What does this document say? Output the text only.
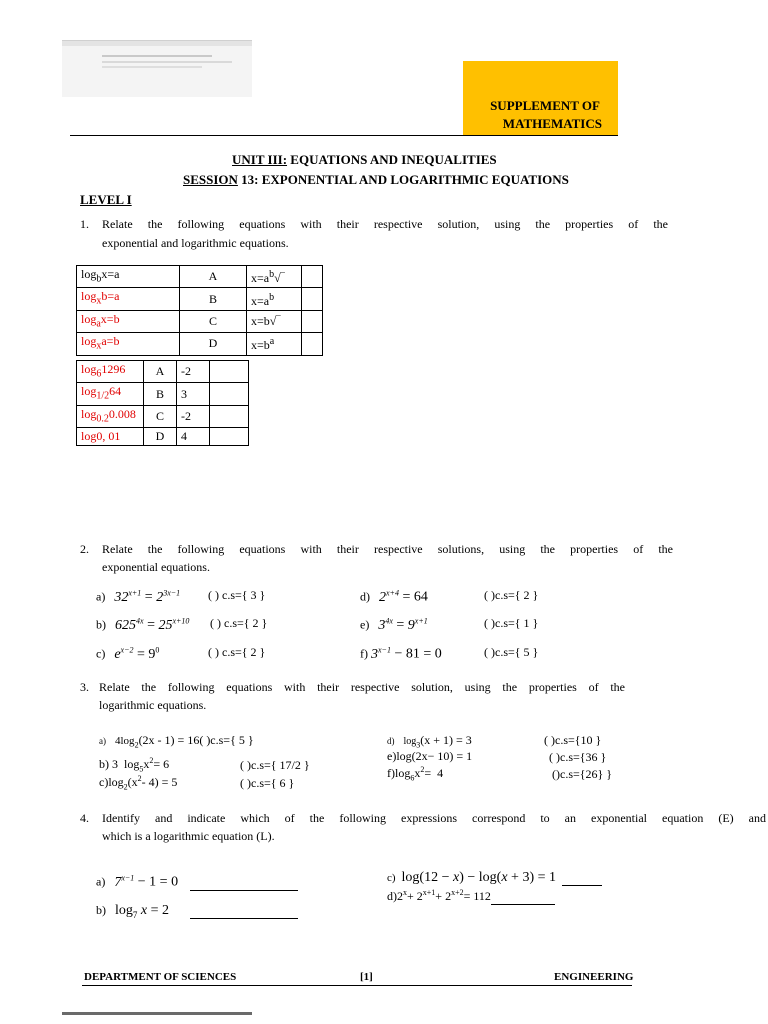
SUPPLEMENT OF
MATHEMATICS
UNIT III: EQUATIONS AND INEQUALITIES
SESSION 13: EXPONENTIAL AND LOGARITHMIC EQUATIONS
LEVEL I
1. Relate the following equations with their respective solution, using the properties of the
exponential and logarithmic equations.
$\log_bx=a$	A	$x=a^b√‾$	
$\log_xb=a$	B	$x=a^b$	
$\log_ax=b$	C	x=b√‾	
$\log_xa=b$	D	$x=b^a$	
$\log_61296$	A	-2	
$\log_{1/2}64$	B	3	
$\log_{0.2}0.008$	C	-2	
log0, 01	D	4	
2. Relate the following equations with their respective solutions, using the properties of the
exponential equations.
a) $32^{x+1} = 2^{3x-1}$ ( ) c.s={ 3 }
b) $625^{4x} = 25^{x+10}$ ( ) c.s={ 2 }
c) $e^{x-2} = 9^0$	( ) c.s={ 2 }
d) $2^{x+4} = 64$	( )c.s={ 2 }
e) $3^{4x} = 9^{x+1}$	( )c.s={ 1 }
f) $3^{x-1} - 81 = 0$	( )c.s={ 5 }
3. Relate the following equations with their respective solution, using the properties of the
logarithmic equations.
a) $4\log_2(2x - 1) = 16$( )c.s={ 5 }
b) 3  $\log_5x^2= 6$	( )c.s={ 17/2 }
$c)\log_2(x^2-$ 4) = 5	( )c.s={ 6 }
d) $\log_3(x + 1) = 3$	( )c.s={10 }
e)log(2x− 10) = 1	( )c.s={36 }
$f)\log_6x^2= 4$	()c.s={26} }
4. Identify and indicate which of the following expressions correspond to an exponential equation (E) and
which is a logarithmic equation (L).
a) $7^{x-1} - 1 = 0$
b) $\log_7 x = 2$
c) log(12 − x) − log(x + 3) = 1
$d)2^x+ 2^{x+1}+ 2^{x+2}= 112$
DEPARTMENT OF SCIENCES	[1]	ENGINEERING
